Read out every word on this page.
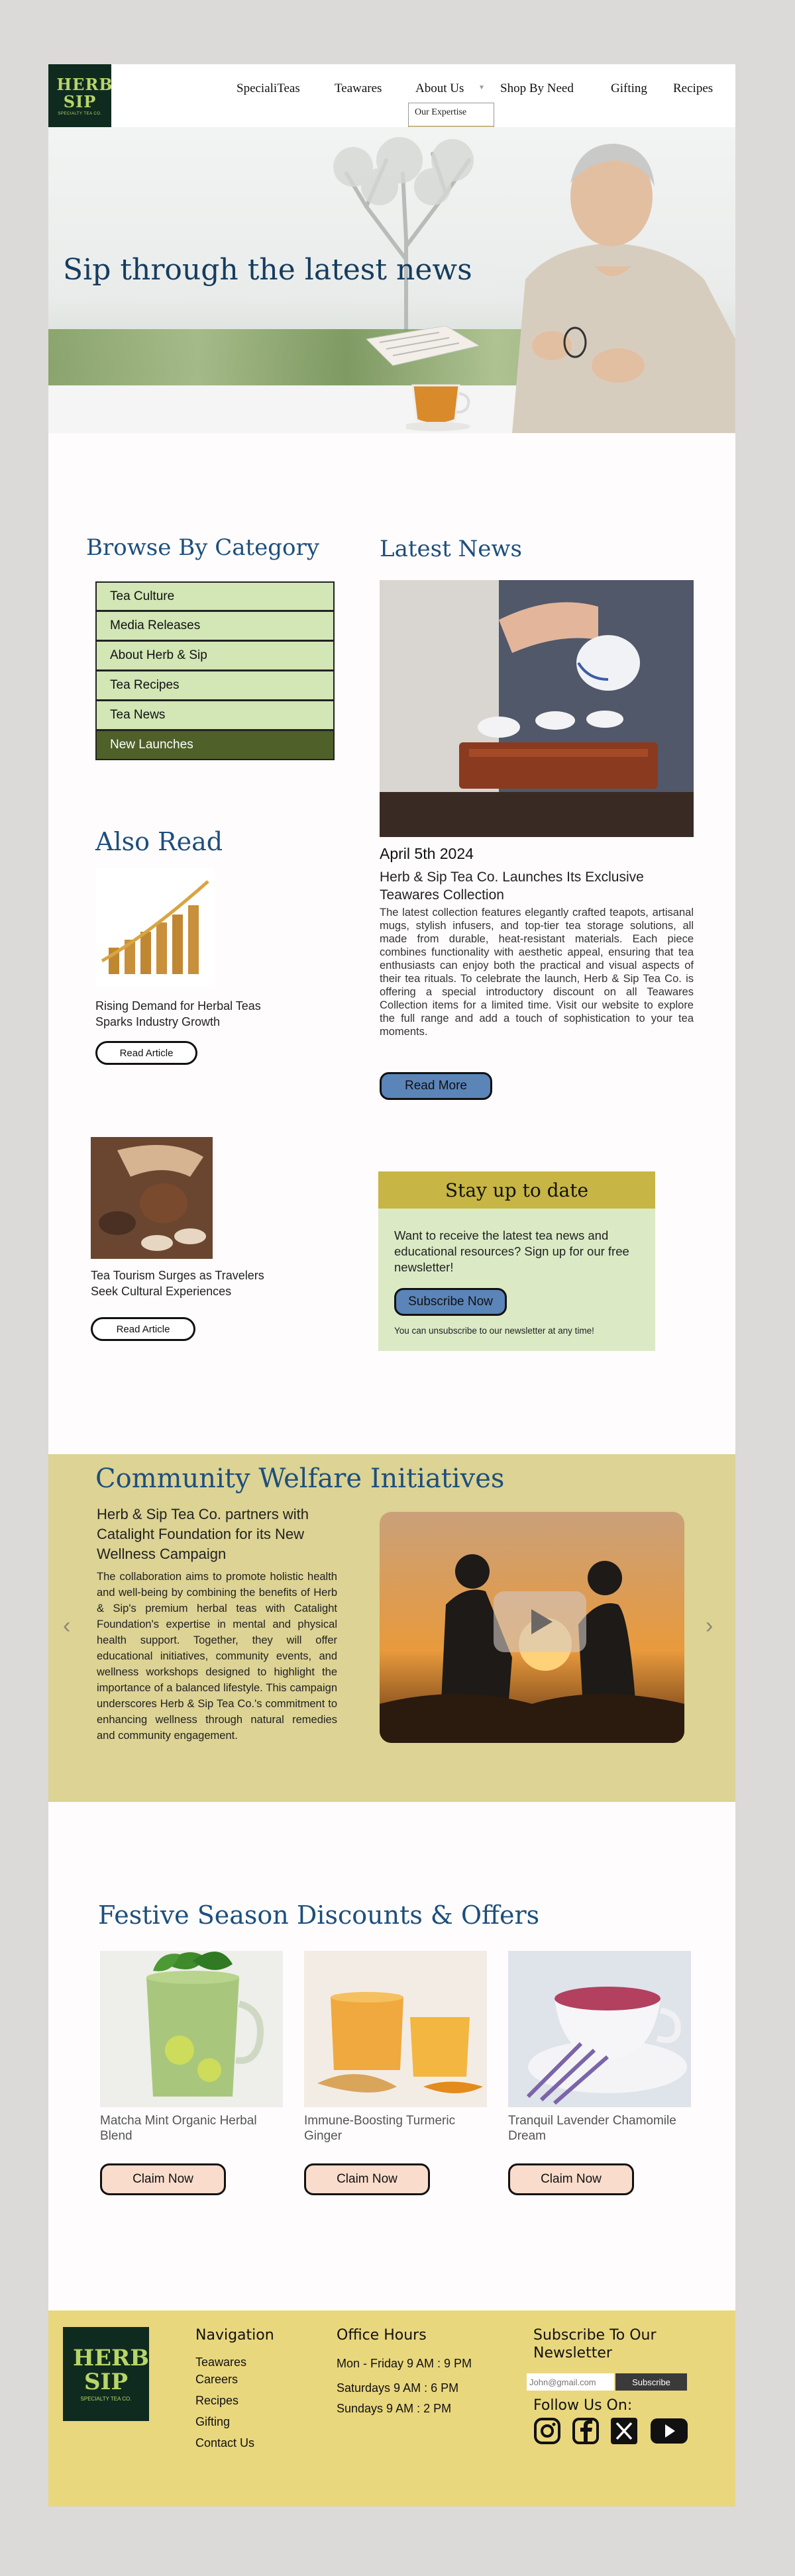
HERB SIP
SPECIALTY TEA CO.
SpecialiTeas	Teawares	About Us ▼ Shop By Need	Gifting Recipes
Our Expertise
Sip through the latest news
Browse By Category
Tea Culture
Media Releases
About Herb & Sip
Tea Recipes
Tea News
New Launches
Latest News
April 5th 2024
Herb & Sip Tea Co. Launches Its Exclusive Teawares Collection
The latest collection features elegantly crafted teapots, artisanal mugs, stylish infusers, and top-tier tea storage solutions, all made from durable, heat-resistant materials. Each piece combines functionality with aesthetic appeal, ensuring that tea enthusiasts can enjoy both the practical and visual aspects of their tea rituals. To celebrate the launch, Herb & Sip Tea Co. is offering a special introductory discount on all Teawares Collection items for a limited time. Visit our website to explore the full range and add a touch of sophistication to your tea moments.
Read More
Also Read
Rising Demand for Herbal Teas Sparks Industry Growth
Read Article
Tea Tourism Surges as Travelers Seek Cultural Experiences
Read Article
Stay up to date
Want to receive the latest tea news and educational resources? Sign up for our free newsletter!
Subscribe Now
You can unsubscribe to our newsletter at any time!
Community Welfare Initiatives
Herb & Sip Tea Co. partners with Catalight Foundation for its New Wellness Campaign
The collaboration aims to promote holistic health and well-being by combining the benefits of Herb & Sip's premium herbal teas with Catalight Foundation's expertise in mental and physical health support. Together, they will offer educational initiatives, community events, and wellness workshops designed to highlight the importance of a balanced lifestyle. This campaign underscores Herb & Sip Tea Co.'s commitment to enhancing wellness through natural remedies and community engagement.
‹	›
Festive Season Discounts & Offers
Matcha Mint Organic Herbal Blend
Claim Now
Immune-Boosting Turmeric Ginger
Claim Now
Tranquil Lavender Chamomile Dream
Claim Now
HERB SIP
SPECIALTY TEA CO.
Navigation
Teawares
Careers
Recipes
Gifting
Contact Us
Office Hours
Mon - Friday 9 AM : 9 PM
Saturdays 9 AM : 6 PM
Sundays 9 AM : 2 PM
Subscribe To Our Newsletter
John@gmail.com
Subscribe
Follow Us On:
